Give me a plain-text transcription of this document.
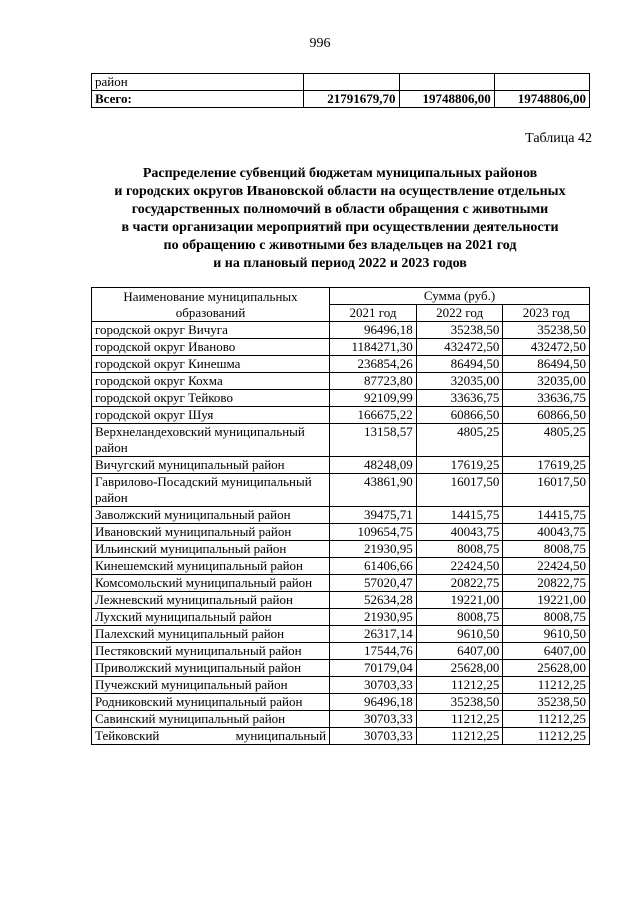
996
район			
Всего:	21791679,70	19748806,00	19748806,00
Таблица 42
Распределение субвенций бюджетам муниципальных районов
и городских округов Ивановской области на осуществление отдельных
государственных полномочий в области обращения с животными
в части организации мероприятий при осуществлении деятельности
по обращению с животными без владельцев на 2021 год
и на плановый период 2022 и 2023 годов
Наименование муниципальных образований	Сумма (руб.)		
	2021 год	2022 год	2023 год
городской округ Вичуга	96496,18	35238,50	35238,50
городской округ Иваново	1184271,30	432472,50	432472,50
городской округ Кинешма	236854,26	86494,50	86494,50
городской округ Кохма	87723,80	32035,00	32035,00
городской округ Тейково	92109,99	33636,75	33636,75
городской округ Шуя	166675,22	60866,50	60866,50
Верхнеландеховский муниципальный район	13158,57	4805,25	4805,25
Вичугский муниципальный район	48248,09	17619,25	17619,25
Гаврилово-Посадский муниципальный район	43861,90	16017,50	16017,50
Заволжский муниципальный район	39475,71	14415,75	14415,75
Ивановский муниципальный район	109654,75	40043,75	40043,75
Ильинский муниципальный район	21930,95	8008,75	8008,75
Кинешемский муниципальный район	61406,66	22424,50	22424,50
Комсомольский муниципальный район	57020,47	20822,75	20822,75
Лежневский муниципальный район	52634,28	19221,00	19221,00
Лухский муниципальный район	21930,95	8008,75	8008,75
Палехский муниципальный район	26317,14	9610,50	9610,50
Пестяковский муниципальный район	17544,76	6407,00	6407,00
Приволжский муниципальный район	70179,04	25628,00	25628,00
Пучежский муниципальный район	30703,33	11212,25	11212,25
Родниковский муниципальный район	96496,18	35238,50	35238,50
Савинский муниципальный район	30703,33	11212,25	11212,25
Тейковский муниципальный	30703,33	11212,25	11212,25
